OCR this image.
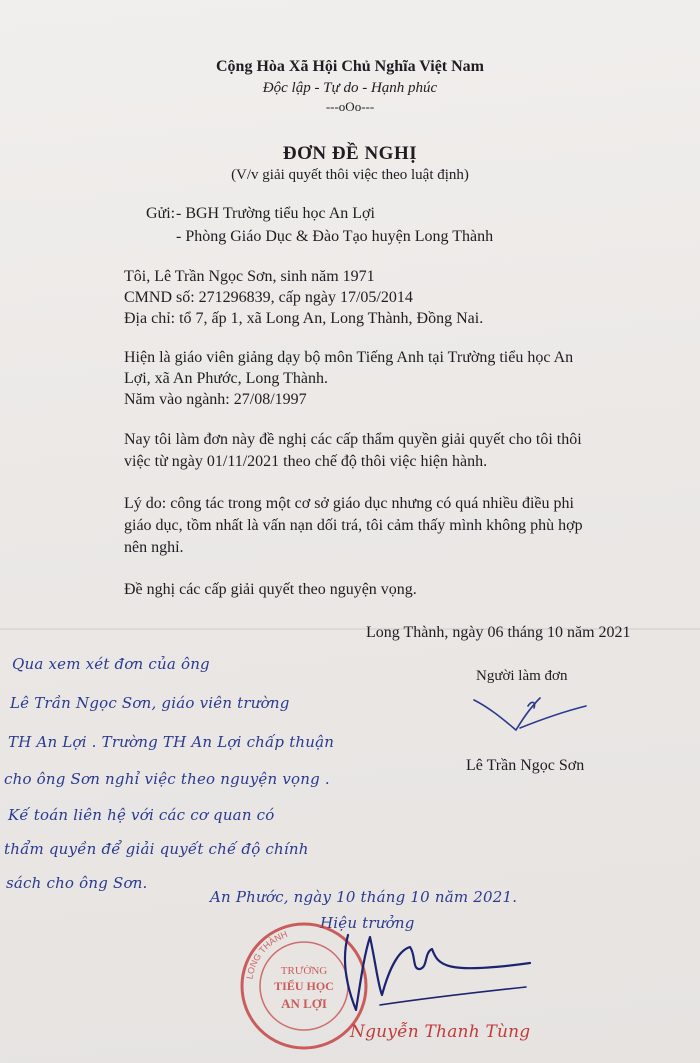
Cộng Hòa Xã Hội Chủ Nghĩa Việt Nam
Độc lập - Tự do - Hạnh phúc
---oOo---
ĐƠN ĐỀ NGHỊ
(V/v giải quyết thôi việc theo luật định)
Gửi: - BGH Trường tiểu học An Lợi
- Phòng Giáo Dục & Đào Tạo huyện Long Thành
Tôi, Lê Trần Ngọc Sơn, sinh năm 1971
CMND số: 271296839, cấp ngày 17/05/2014
Địa chỉ: tổ 7, ấp 1, xã Long An, Long Thành, Đồng Nai.
Hiện là giáo viên giảng dạy bộ môn Tiếng Anh tại Trường tiểu học An
Lợi, xã An Phước, Long Thành.
Năm vào ngành: 27/08/1997
Nay tôi làm đơn này đề nghị các cấp thẩm quyền giải quyết cho tôi thôi
việc từ ngày 01/11/2021 theo chế độ thôi việc hiện hành.
Lý do: công tác trong một cơ sở giáo dục nhưng có quá nhiều điều phi
giáo dục, tồm nhất là vấn nạn dối trá, tôi cảm thấy mình không phù hợp
nên nghỉ.
Đề nghị các cấp giải quyết theo nguyện vọng.
Long Thành, ngày 06 tháng 10 năm 2021
Người làm đơn
Lê Trần Ngọc Sơn
Qua xem xét đơn của ông
Lê Trần Ngọc Sơn, giáo viên trường
TH An Lợi . Trường TH An Lợi chấp thuận
cho ông Sơn nghỉ việc theo nguyện vọng .
Kế toán liên hệ với các cơ quan có
thẩm quyền để giải quyết chế độ chính
sách cho ông Sơn.
An Phước, ngày 10 tháng 10 năm 2021.
Hiệu trưởng
LONG THÀNH
TRƯỜNG
TIỂU HỌC
AN LỢI
Nguyễn Thanh Tùng
